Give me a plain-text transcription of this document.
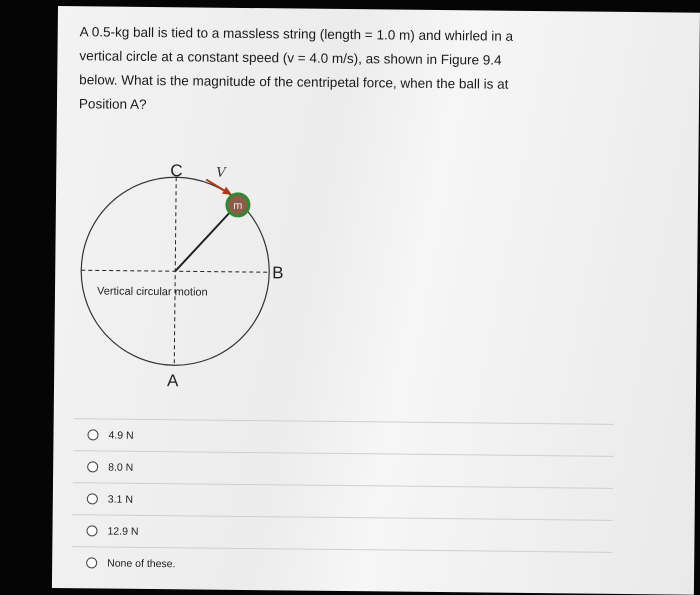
A 0.5-kg ball is tied to a massless string (length = 1.0 m) and whirled in a vertical circle at a constant speed (v = 4.0 m/s), as shown in Figure 9.4 below. What is the magnitude of the centripetal force, when the ball is at Position A?

m
C	V
B
A
Vertical circular motion
4.9 N
8.0 N
3.1 N
12.9 N
None of these.
